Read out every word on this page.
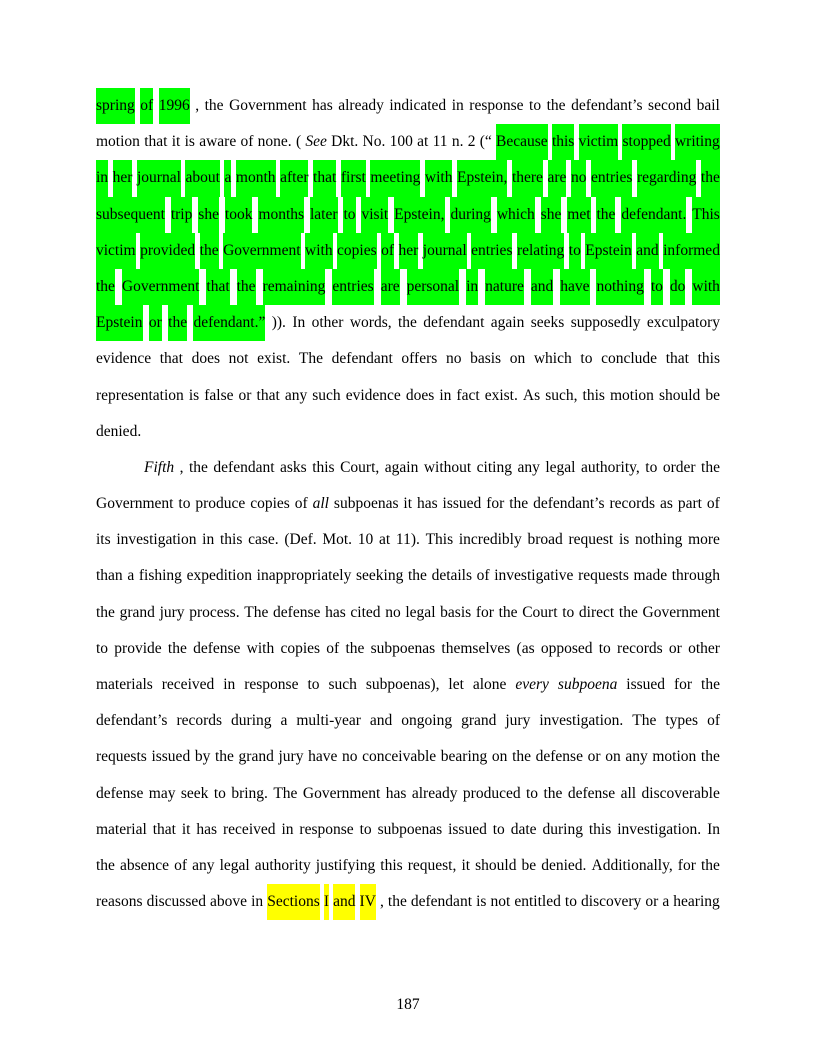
spring of 1996 , the Government has already indicated in response to the defendant’s second bail
motion that it is aware of none. ( See Dkt. No. 100 at 11 n. 2 (“ Because this victim stopped writing
in her journal about a month after that first meeting with Epstein, there are no entries regarding the
subsequent trip she took months later to visit Epstein, during which she met the defendant. This
victim provided the Government with copies of her journal entries relating to Epstein and informed
the Government that the remaining entries are personal in nature and have nothing to do with
Epstein or the defendant.” )). In other words, the defendant again seeks supposedly exculpatory
evidence that does not exist. The defendant offers no basis on which to conclude that this
representation is false or that any such evidence does in fact exist. As such, this motion should be
denied.
Fifth , the defendant asks this Court, again without citing any legal authority, to order the
Government to produce copies of all subpoenas it has issued for the defendant’s records as part of
its investigation in this case. (Def. Mot. 10 at 11). This incredibly broad request is nothing more
than a fishing expedition inappropriately seeking the details of investigative requests made through
the grand jury process. The defense has cited no legal basis for the Court to direct the Government
to provide the defense with copies of the subpoenas themselves (as opposed to records or other
materials received in response to such subpoenas), let alone every subpoena issued for the
defendant’s records during a multi-year and ongoing grand jury investigation. The types of
requests issued by the grand jury have no conceivable bearing on the defense or on any motion the
defense may seek to bring. The Government has already produced to the defense all discoverable
material that it has received in response to subpoenas issued to date during this investigation. In
the absence of any legal authority justifying this request, it should be denied. Additionally, for the
reasons discussed above in Sections I and IV , the defendant is not entitled to discovery or a hearing
187
